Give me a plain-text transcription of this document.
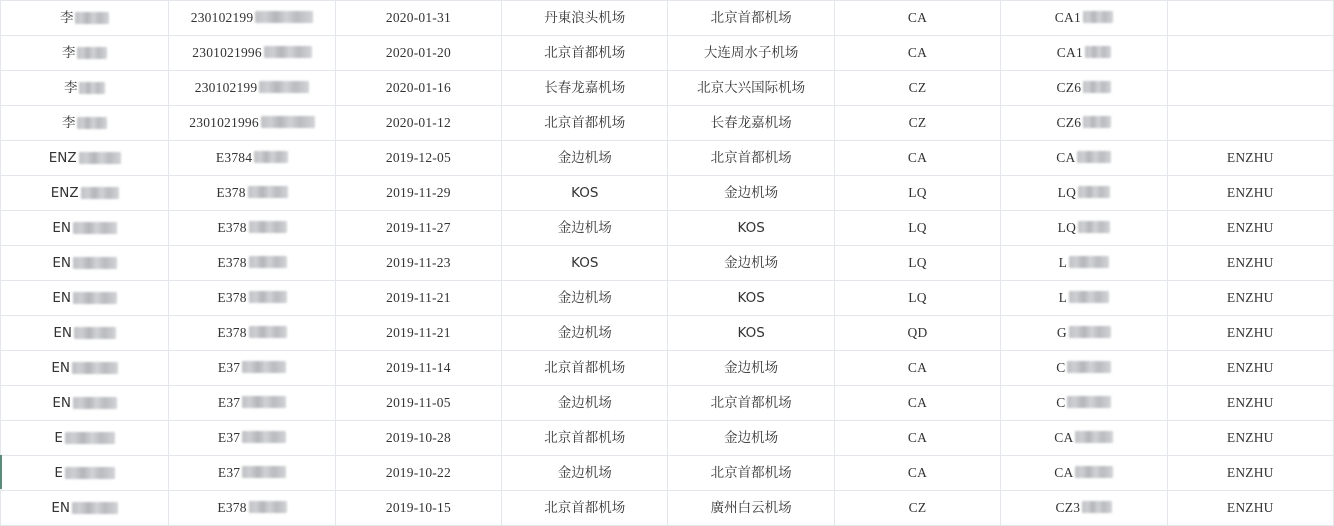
李	230102199	2020-01-31	丹東浪头机场	北京首都机场	CA	CA1	

李	2301021996	2020-01-20	北京首都机场	大连周水子机场	CA	CA1	

李	230102199	2020-01-16	长春龙嘉机场	北京大兴国际机场	CZ	CZ6	

李	2301021996	2020-01-12	北京首都机场	长春龙嘉机场	CZ	CZ6	

ENZ	E3784	2019-12-05	金边机场	北京首都机场	CA	CA	ENZHU

ENZ	E378	2019-11-29	KOS	金边机场	LQ	LQ	ENZHU

EN	E378	2019-11-27	金边机场	KOS	LQ	LQ	ENZHU

EN	E378	2019-11-23	KOS	金边机场	LQ	L	ENZHU

EN	E378	2019-11-21	金边机场	KOS	LQ	L	ENZHU

EN	E378	2019-11-21	金边机场	KOS	QD	G	ENZHU

EN	E37	2019-11-14	北京首都机场	金边机场	CA	C	ENZHU

EN	E37	2019-11-05	金边机场	北京首都机场	CA	C	ENZHU

E	E37	2019-10-28	北京首都机场	金边机场	CA	CA	ENZHU

E	E37	2019-10-22	金边机场	北京首都机场	CA	CA	ENZHU

EN	E378	2019-10-15	北京首都机场	廣州白云机场	CZ	CZ3	ENZHU
